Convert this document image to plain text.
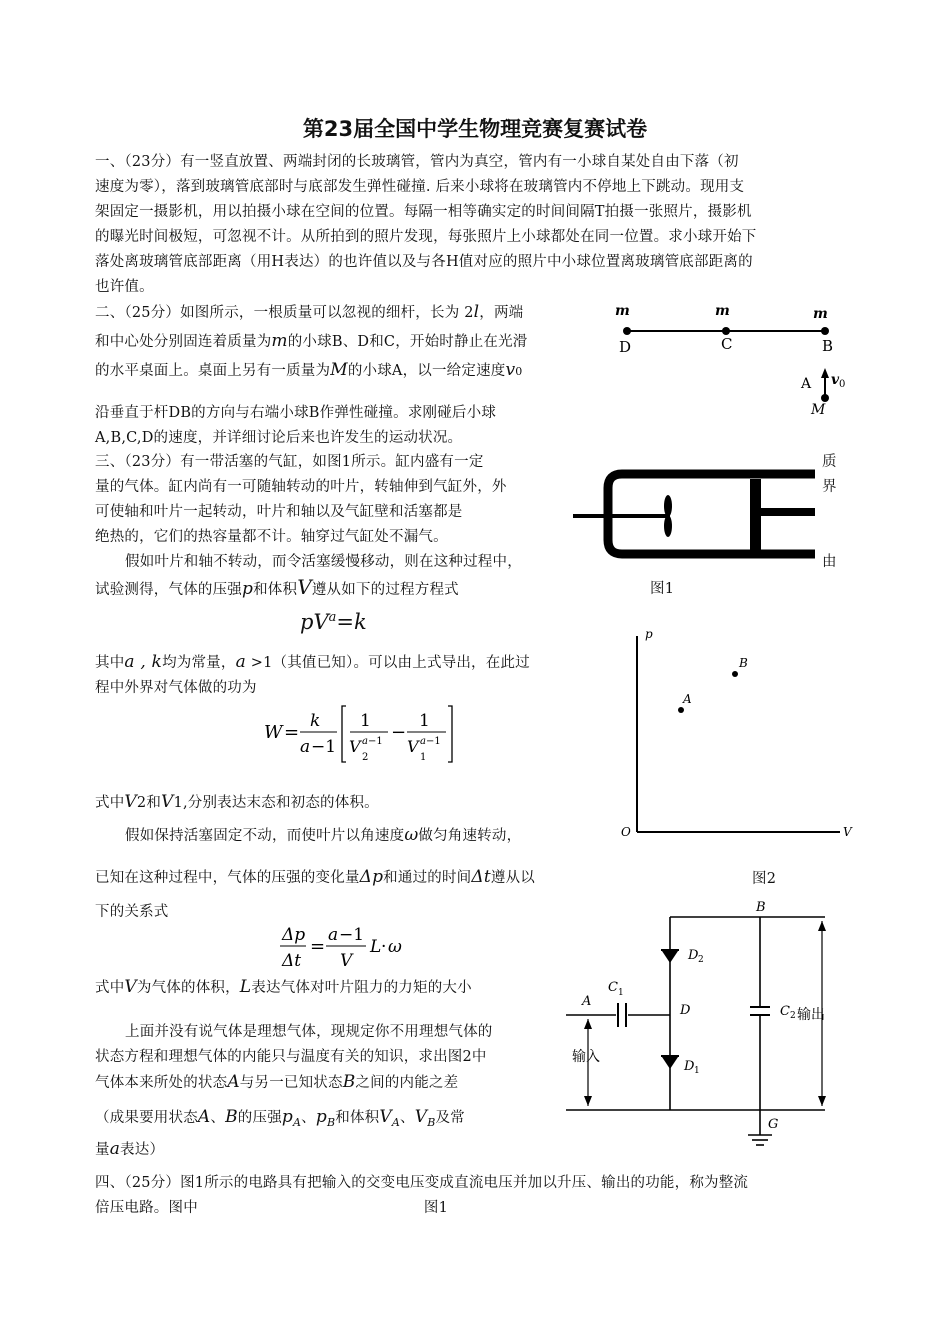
第23届全国中学生物理竞赛复赛试卷
一、（23分）有一竖直放置、两端封闭的长玻璃管，管内为真空，管内有一小球自某处自由下落（初
速度为零），落到玻璃管底部时与底部发生弹性碰撞. 后来小球将在玻璃管内不停地上下跳动。现用支
架固定一摄影机，用以拍摄小球在空间的位置。每隔一相等确实定的时间间隔T拍摄一张照片，摄影机
的曝光时间极短，可忽视不计。从所拍到的照片发现，每张照片上小球都处在同一位置。求小球开始下
落处离玻璃管底部距离（用H表达）的也许值以及与各H值对应的照片中小球位置离玻璃管底部距离的
也许值。
二、（25分）如图所示，一根质量可以忽视的细杆，长为 2l，两端
和中心处分别固连着质量为m的小球B、D和C，开始时静止在光滑
的水平桌面上。桌面上另有一质量为M的小球A，以一给定速度v0
沿垂直于杆DB的方向与右端小球B作弹性碰撞。求刚碰后小球
A,B,C,D的速度，并详细讨论后来也许发生的运动状况。
m	m	m
D	C	B
A v 0
M
三、（23分）有一带活塞的气缸，如图1所示。缸内盛有一定
量的气体。缸内尚有一可随轴转动的叶片，转轴伸到气缸外，外
可使轴和叶片一起转动，叶片和轴以及气缸壁和活塞都是
绝热的，它们的热容量都不计。轴穿过气缸处不漏气。
质
界
由
图1
假如叶片和轴不转动，而令活塞缓慢移动，则在这种过程中，
试验测得，气体的压强p和体积V遵从如下的过程方程式
$pV^a=k$
其中a , k均为常量，a >1（其值已知）。可以由上式导出，在此过
程中外界对气体做的功为
W =
k
a −1
1
V a −1
2
−
1
V a −1
1
式中V2和V1,分别表达末态和初态的体积。
假如保持活塞固定不动，而使叶片以角速度ω做匀角速转动，
已知在这种过程中，气体的压强的变化量Δp和通过的时间Δt遵从以	图2
下的关系式
Δp
Δt
=
a −1
V
L · ω
式中V为气体的体积，L表达气体对叶片阻力的力矩的大小
上面并没有说气体是理想气体，现规定你不用理想气体的
状态方程和理想气体的内能只与温度有关的知识，求出图2中
气体本来所处的状态A与另一已知状态B之间的内能之差
（成果要用状态A、B的压强$p_A$、$p_B$和体积$V_A$、$V_B$及常
量a表达）
p
V
O
A
B
B
A
C 1
D
D 2
D 1
C 2 输出
输入
G
四、（25分）图1所示的电路具有把输入的交变电压变成直流电压并加以升压、输出的功能，称为整流
倍压电路。图中	图1
